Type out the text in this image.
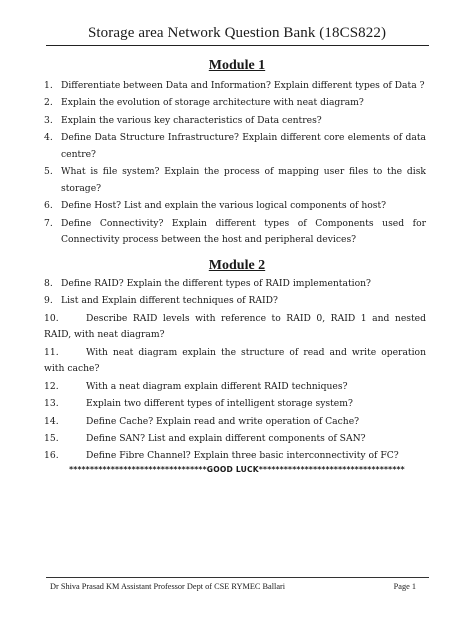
Storage area Network Question Bank (18CS822)
Module 1
1. Differentiate between Data and Information? Explain different types of Data ?
2. Explain the evolution of storage architecture with neat diagram?
3. Explain the various key characteristics of Data centres?
4. Define Data Structure Infrastructure? Explain different core elements of data centre?
5. What is file system? Explain the process of mapping user files to the disk storage?
6. Define Host? List and explain the various logical components of host?
7. Define Connectivity? Explain different types of Components used for Connectivity process between the host and peripheral devices?
Module 2
8. Define RAID? Explain the different types of RAID implementation?
9. List and Explain different techniques of RAID?
10.	Describe RAID levels with reference to RAID 0, RAID 1 and nested RAID, with neat diagram?
11.	With neat diagram explain the structure of read and write operation with cache?
12.	With a neat diagram explain different RAID techniques?
13.	Explain two different types of intelligent storage system?
14.	Define Cache? Explain read and write operation of Cache?
15.	Define SAN? List and explain different components of SAN?
16.	Define Fibre Channel? Explain three basic interconnectivity of FC?
*********************************GOOD LUCK***********************************
Dr Shiva Prasad KM Assistant Professor Dept of CSE RYMEC Ballari	Page 1
